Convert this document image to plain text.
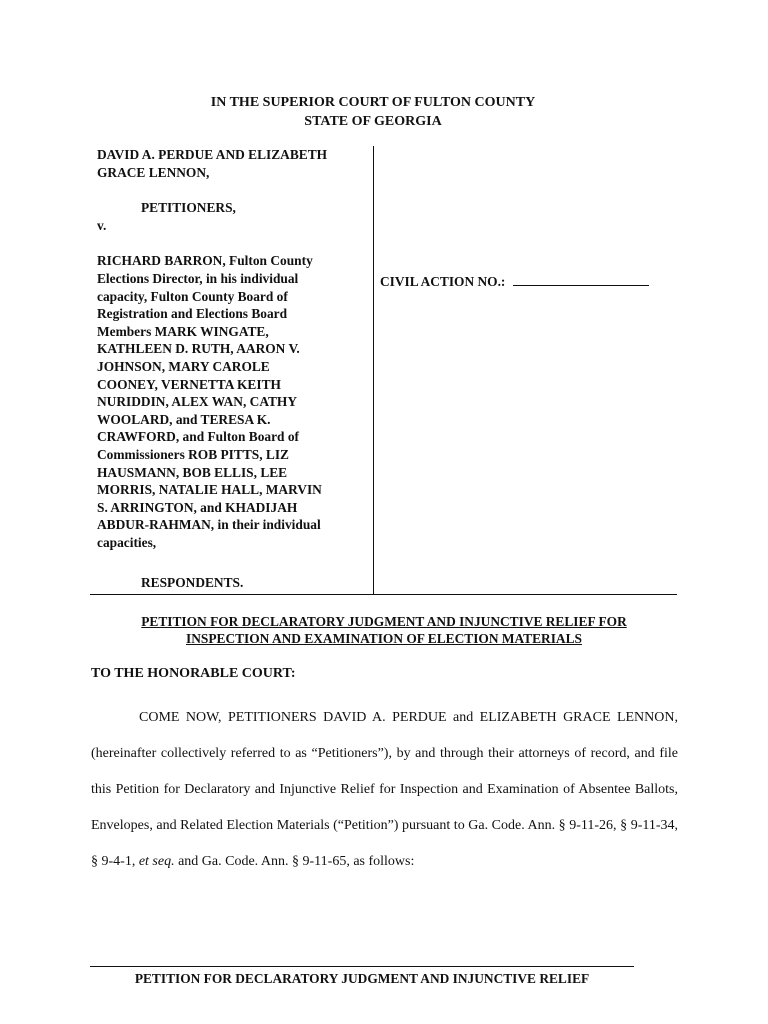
IN THE SUPERIOR COURT OF FULTON COUNTY
STATE OF GEORGIA
DAVID A. PERDUE AND ELIZABETH
GRACE LENNON,
PETITIONERS,
v.
RICHARD BARRON, Fulton County
Elections Director, in his individual
capacity, Fulton County Board of
Registration and Elections Board
Members MARK WINGATE,
KATHLEEN D. RUTH, AARON V.
JOHNSON, MARY CAROLE
COONEY, VERNETTA KEITH
NURIDDIN, ALEX WAN, CATHY
WOOLARD, and TERESA K.
CRAWFORD, and Fulton Board of
Commissioners ROB PITTS, LIZ
HAUSMANN, BOB ELLIS, LEE
MORRIS, NATALIE HALL, MARVIN
S. ARRINGTON, and KHADIJAH
ABDUR-RAHMAN, in their individual
capacities,
RESPONDENTS.
CIVIL ACTION NO.:
PETITION FOR DECLARATORY JUDGMENT AND INJUNCTIVE RELIEF FOR
INSPECTION AND EXAMINATION OF ELECTION MATERIALS
TO THE HONORABLE COURT:
COME NOW, PETITIONERS DAVID A. PERDUE and ELIZABETH GRACE LENNON, (hereinafter collectively referred to as “Petitioners”), by and through their attorneys of record, and file this Petition for Declaratory and Injunctive Relief for Inspection and Examination of Absentee Ballots, Envelopes, and Related Election Materials (“Petition”) pursuant to Ga. Code. Ann. § 9-11-26, § 9-11-34, § 9-4-1, et seq. and Ga. Code. Ann. § 9-11-65, as follows:
PETITION FOR DECLARATORY JUDGMENT AND INJUNCTIVE RELIEF
